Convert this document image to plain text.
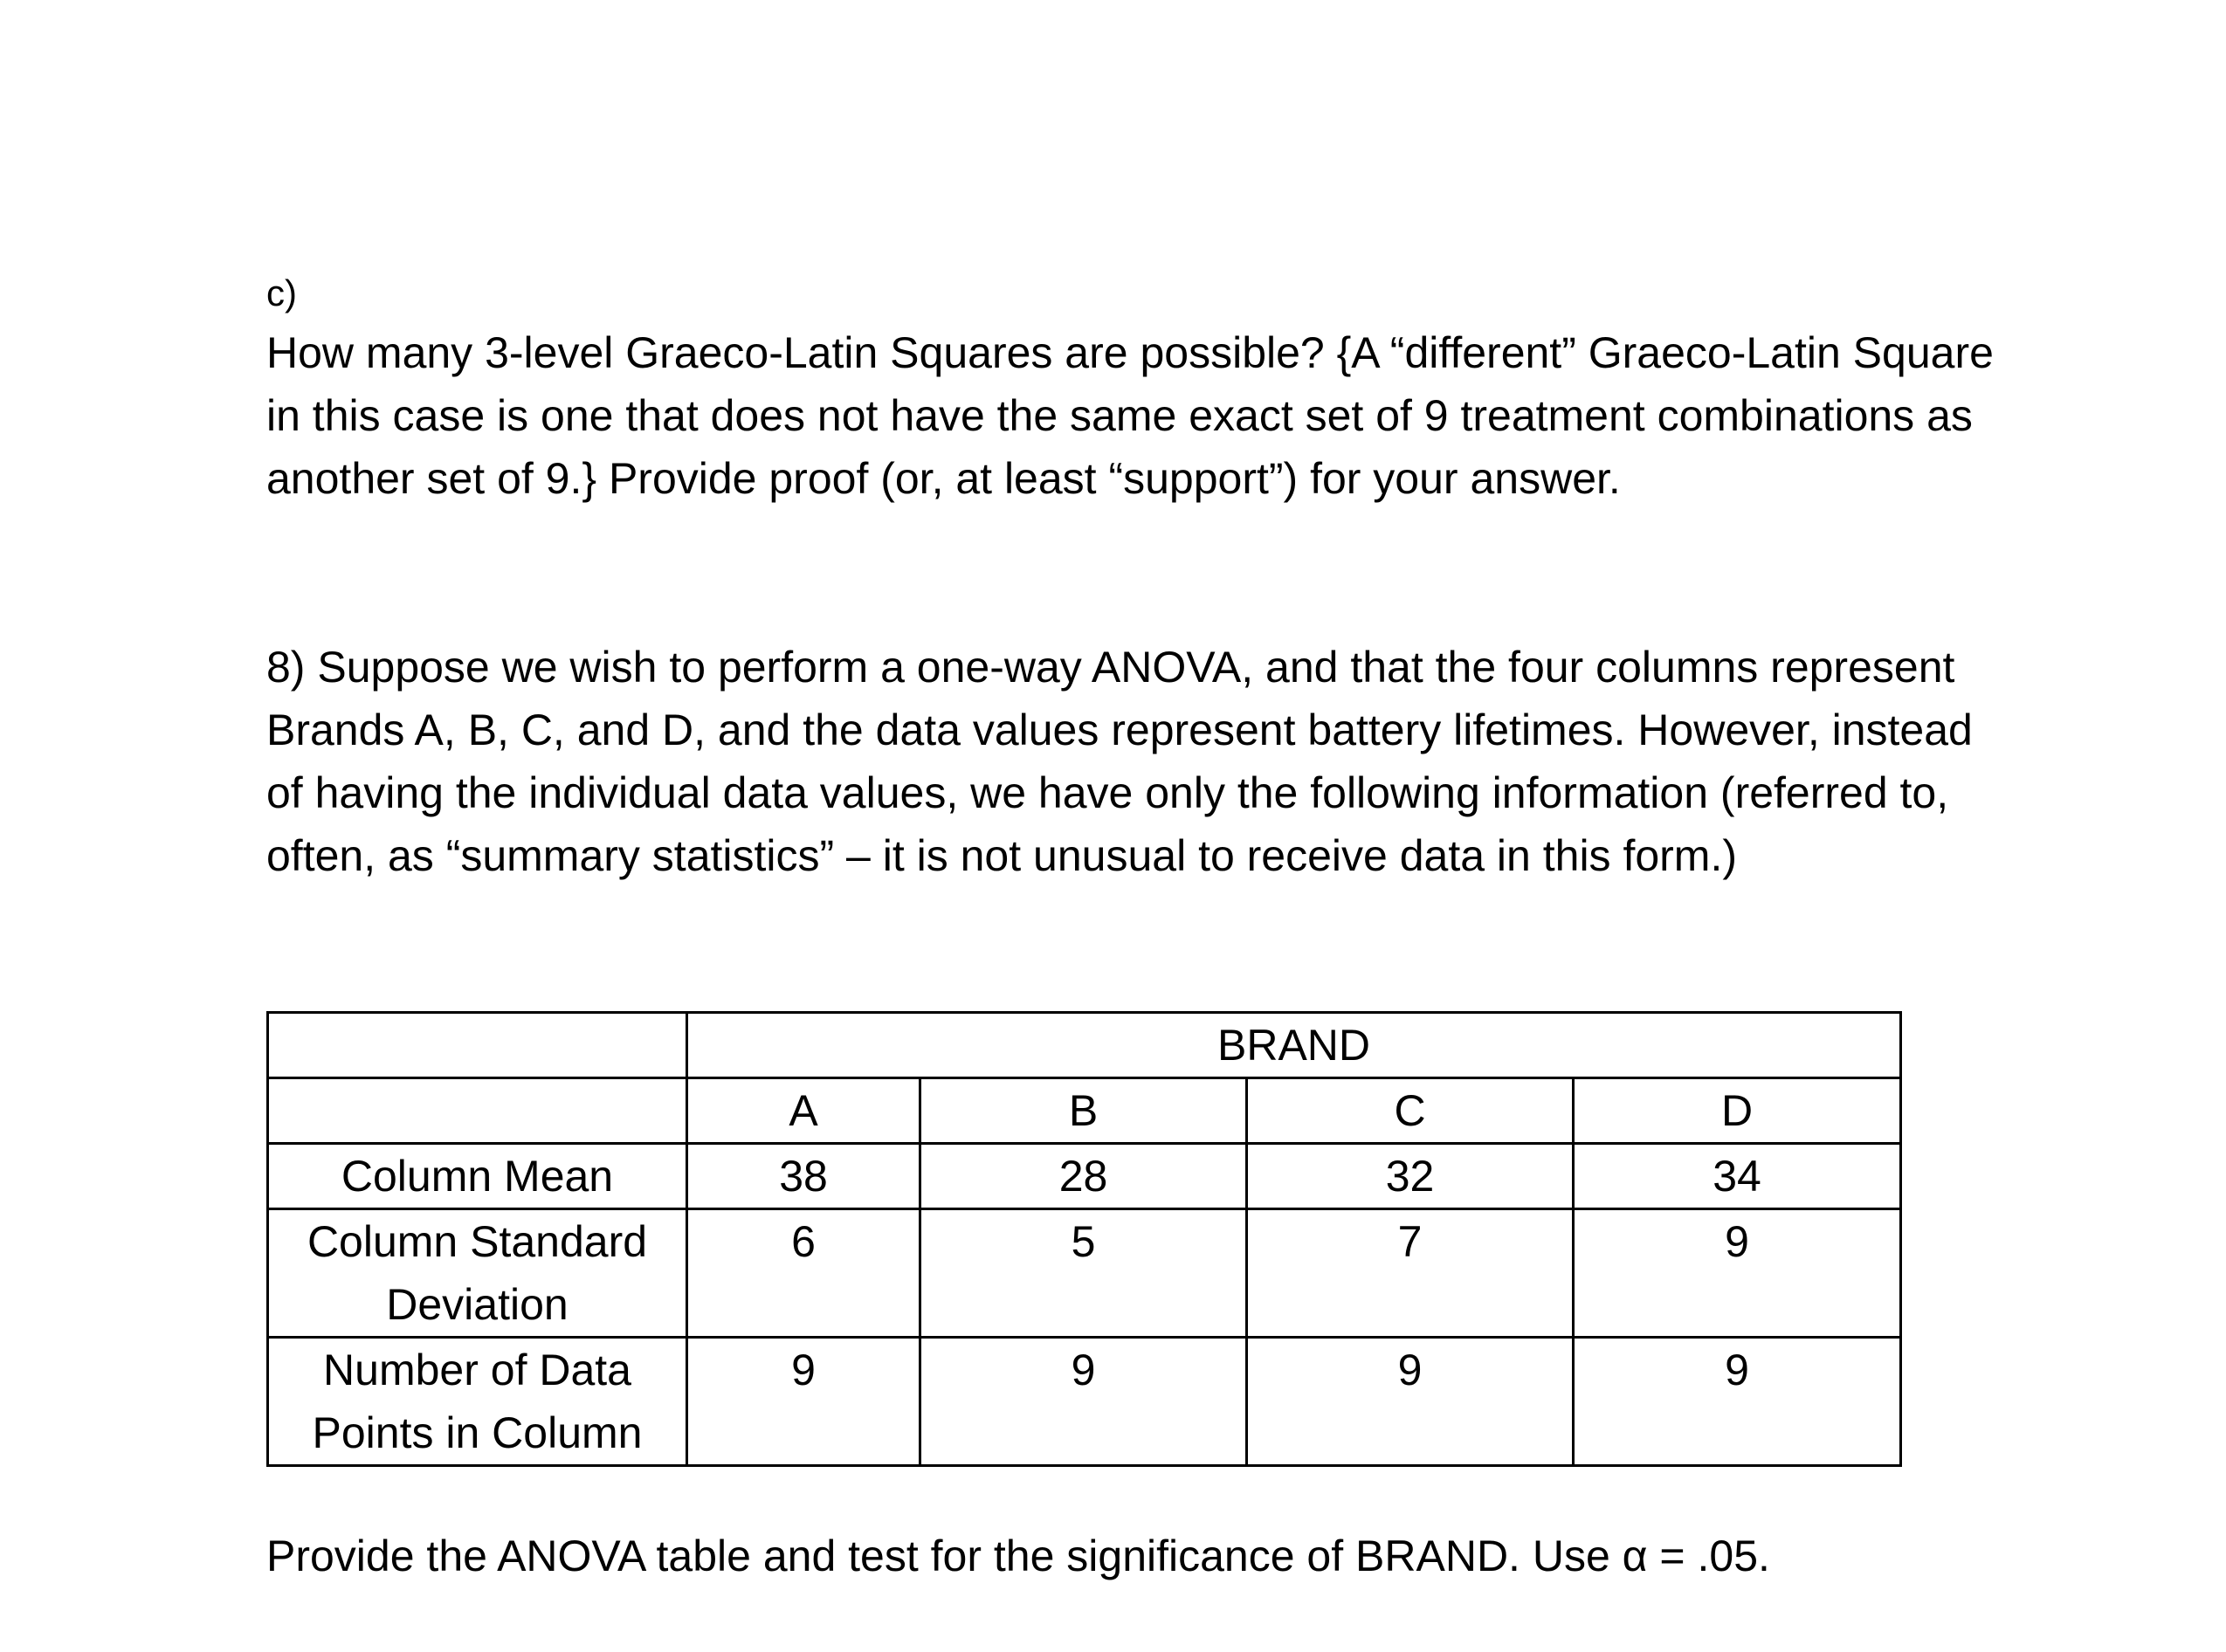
c)

How many 3-level Graeco-Latin Squares are possible? {A “different” Graeco-Latin Square in this case is one that does not have the same exact set of 9 treatment combinations as another set of 9.} Provide proof (or, at least “support”) for your answer.

8) Suppose we wish to perform a one-way ANOVA, and that the four columns represent Brands A, B, C, and D, and the data values represent battery lifetimes. However, instead of having the individual data values, we have only the following information (referred to, often, as “summary statistics” – it is not unusual to receive data in this form.)

	BRAND			
	A	B	C	D
Column Mean	38	28	32	34
Column Standard Deviation	6	5	7	9
Number of Data Points in Column	9	9	9	9

Provide the ANOVA table and test for the significance of BRAND. Use α = .05.
